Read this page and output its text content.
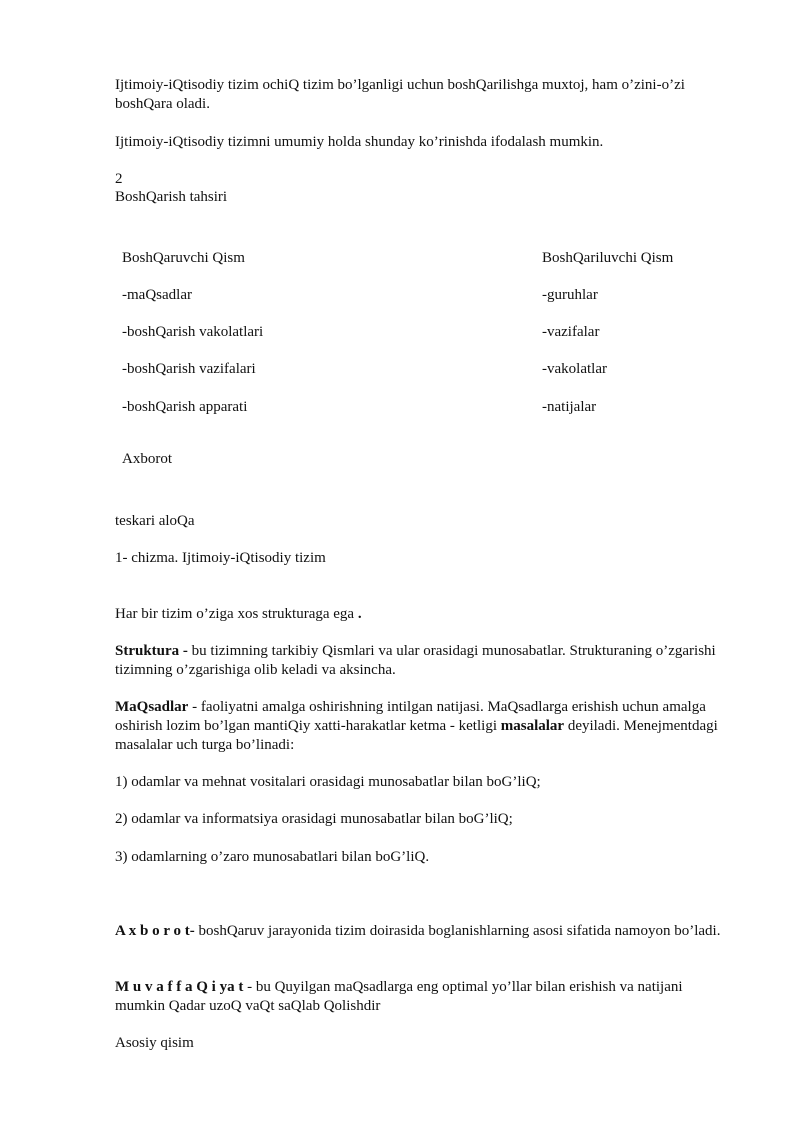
Ijtimoiy-iQtisodiy tizim ochiQ tizim bo’lganligi uchun boshQarilishga muxtoj, ham o’zini-o’zi boshQara oladi.

Ijtimoiy-iQtisodiy tizimni umumiy holda shunday ko’rinishda ifodalash mumkin.

2

BoshQarish tahsiri

BoshQaruvchi Qism	BoshQariluvchi Qism

-maQsadlar	-guruhlar

-boshQarish vakolatlari	-vazifalar

-boshQarish vazifalari	-vakolatlar

-boshQarish apparati	-natijalar

Axborot

teskari aloQa

1- chizma. Ijtimoiy-iQtisodiy tizim

Har bir tizim o’ziga xos strukturaga ega .

Struktura - bu tizimning tarkibiy Qismlari va ular orasidagi munosabatlar. Strukturaning o’zgarishi tizimning o’zgarishiga olib keladi va aksincha.

MaQsadlar - faoliyatni amalga oshirishning intilgan natijasi. MaQsadlarga erishish uchun amalga oshirish lozim bo’lgan mantiQiy xatti-harakatlar ketma - ketligi masalalar deyiladi. Menejmentdagi masalalar uch turga bo’linadi:

1) odamlar va mehnat vositalari orasidagi munosabatlar bilan boG’liQ;

2) odamlar va informatsiya orasidagi munosabatlar bilan boG’liQ;

3) odamlarning o’zaro munosabatlari bilan boG’liQ.

A x b o r o t- boshQaruv jarayonida tizim doirasida boglanishlarning asosi sifatida namoyon bo’ladi.

M u v a f f a Q i ya t - bu Quyilgan maQsadlarga eng optimal yo’llar bilan erishish va natijani mumkin Qadar uzoQ vaQt saQlab Qolishdir

Asosiy qisim
